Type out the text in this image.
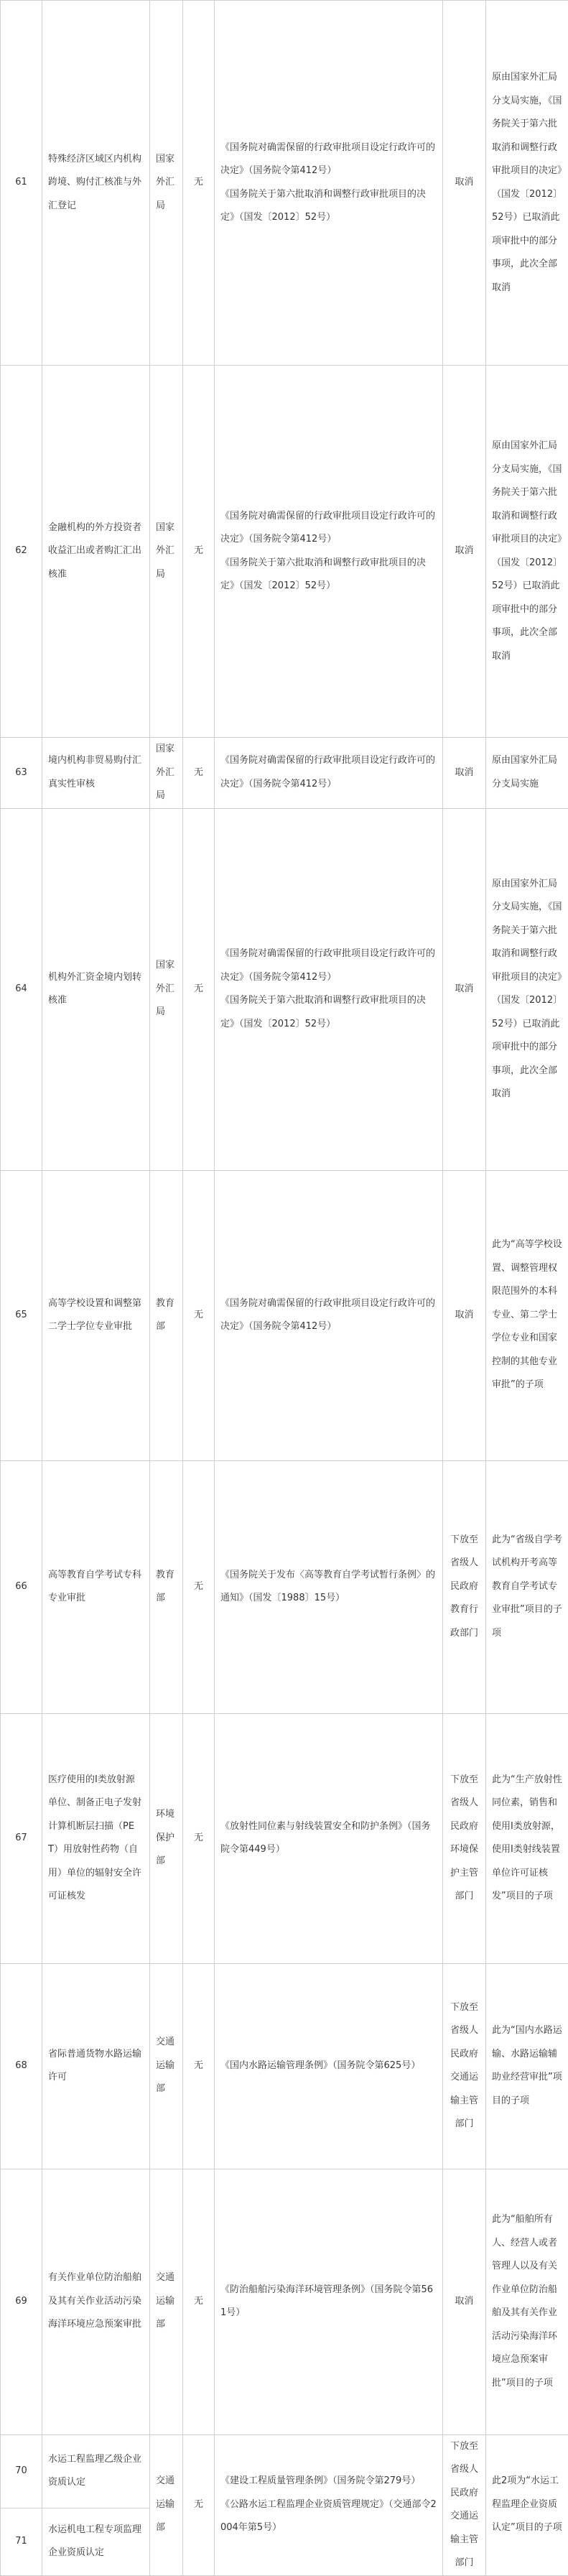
61	特殊经济区域区内机构跨境、购付汇核准与外汇登记	国家外汇局	无	《国务院对确需保留的行政审批项目设定行政许可的决定》（国务院令第412号）
《国务院关于第六批取消和调整行政审批项目的决定》（国发〔2012〕52号）	取消	原由国家外汇局分支局实施，《国务院关于第六批取消和调整行政审批项目的决定》（国发〔2012〕52号）已取消此项审批中的部分事项，此次全部取消
62	金融机构的外方投资者收益汇出或者购汇汇出核准	国家外汇局	无	《国务院对确需保留的行政审批项目设定行政许可的决定》（国务院令第412号）
《国务院关于第六批取消和调整行政审批项目的决定》（国发〔2012〕52号）	取消	原由国家外汇局分支局实施，《国务院关于第六批取消和调整行政审批项目的决定》（国发〔2012〕52号）已取消此项审批中的部分事项，此次全部取消
63	境内机构非贸易购付汇真实性审核	国家外汇局	无	《国务院对确需保留的行政审批项目设定行政许可的决定》（国务院令第412号）	取消	原由国家外汇局分支局实施
64	机构外汇资金境内划转核准	国家外汇局	无	《国务院对确需保留的行政审批项目设定行政许可的决定》（国务院令第412号）
《国务院关于第六批取消和调整行政审批项目的决定》（国发〔2012〕52号）	取消	原由国家外汇局分支局实施，《国务院关于第六批取消和调整行政审批项目的决定》（国发〔2012〕52号）已取消此项审批中的部分事项，此次全部取消
65	高等学校设置和调整第二学士学位专业审批	教育部	无	《国务院对确需保留的行政审批项目设定行政许可的决定》（国务院令第412号）	取消	此为“高等学校设置、调整管理权限范围外的本科专业、第二学士学位专业和国家控制的其他专业审批”的子项
66	高等教育自学考试专科专业审批	教育部	无	《国务院关于发布〈高等教育自学考试暂行条例〉的通知》（国发〔1988〕15号）	下放至省级人民政府教育行政部门	此为“省级自学考试机构开考高等教育自学考试专业审批”项目的子项
67	医疗使用的Ⅰ类放射源单位、制备正电子发射计算机断层扫描（PET）用放射性药物（自用）单位的辐射安全许可证核发	环境保护部	无	《放射性同位素与射线装置安全和防护条例》（国务院令第449号）	下放至省级人民政府环境保护主管部门	此为“生产放射性同位素，销售和使用Ⅰ类放射源，使用Ⅰ类射线装置单位许可证核发”项目的子项
68	省际普通货物水路运输许可	交通运输部	无	《国内水路运输管理条例》（国务院令第625号）	下放至省级人民政府交通运输主管部门	此为“国内水路运输、水路运输辅助业经营审批”项目的子项
69	有关作业单位防治船舶及其有关作业活动污染海洋环境应急预案审批	交通运输部	无	《防治船舶污染海洋环境管理条例》（国务院令第561号）	取消	此为“船舶所有人、经营人或者管理人以及有关作业单位防治船舶及其有关作业活动污染海洋环境应急预案审批”项目的子项
70	水运工程监理乙级企业资质认定	交通运输部	无	《建设工程质量管理条例》（国务院令第279号）
《公路水运工程监理企业资质管理规定》（交通部令2004年第5号）	下放至省级人民政府交通运输主管部门	此2项为“水运工程监理企业资质认定”项目的子项
71	水运机电工程专项监理企业资质认定					
